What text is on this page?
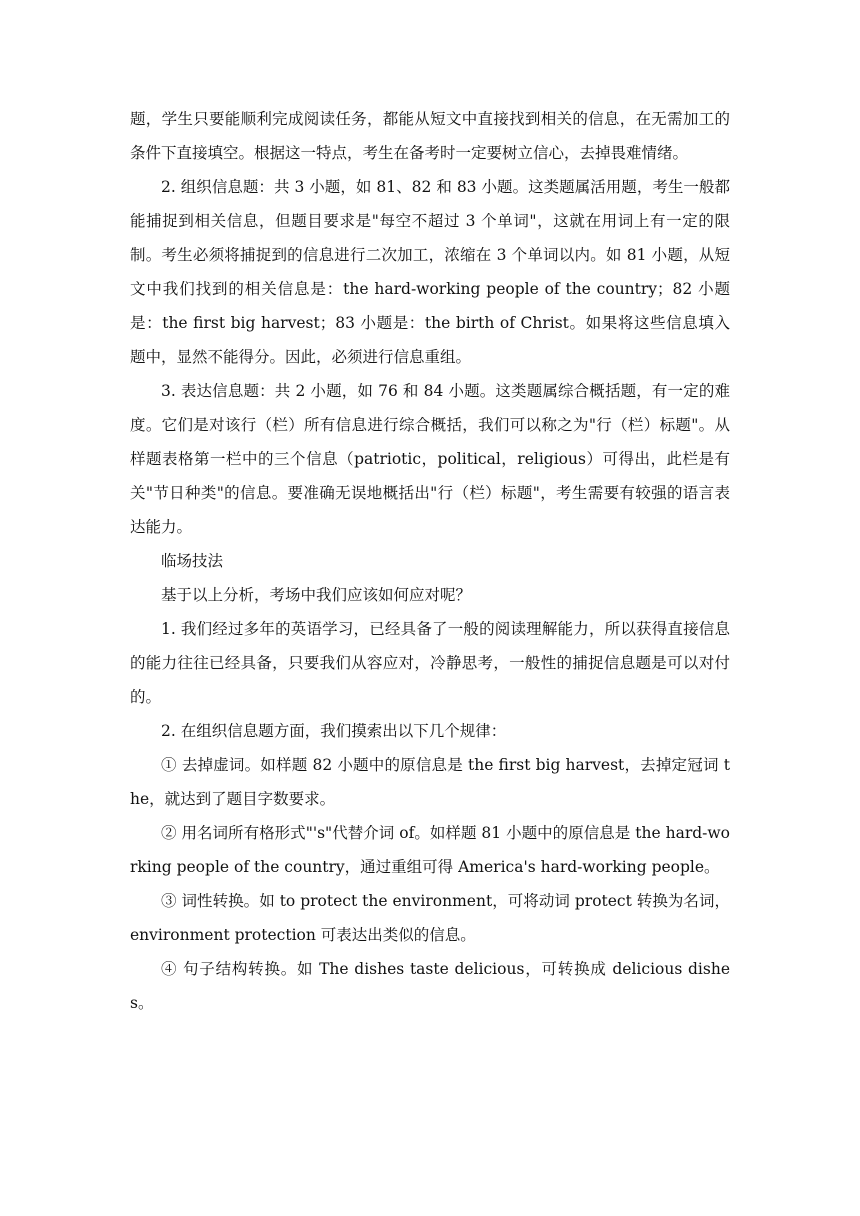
题，学生只要能顺利完成阅读任务，都能从短文中直接找到相关的信息，在无需加工的条件下直接填空。根据这一特点，考生在备考时一定要树立信心，去掉畏难情绪。

2. 组织信息题：共 3 小题，如 81、82 和 83 小题。这类题属活用题，考生一般都能捕捉到相关信息，但题目要求是"每空不超过 3 个单词"，这就在用词上有一定的限制。考生必须将捕捉到的信息进行二次加工，浓缩在 3 个单词以内。如 81 小题，从短文中我们找到的相关信息是：the hard-working people of the country；82 小题是：the first big harvest；83 小题是：the birth of Christ。如果将这些信息填入题中，显然不能得分。因此，必须进行信息重组。

3. 表达信息题：共 2 小题，如 76 和 84 小题。这类题属综合概括题，有一定的难度。它们是对该行（栏）所有信息进行综合概括，我们可以称之为"行（栏）标题"。从样题表格第一栏中的三个信息（patriotic，political，religious）可得出，此栏是有关"节日种类"的信息。要准确无误地概括出"行（栏）标题"，考生需要有较强的语言表达能力。

临场技法

基于以上分析，考场中我们应该如何应对呢？

1. 我们经过多年的英语学习，已经具备了一般的阅读理解能力，所以获得直接信息的能力往往已经具备，只要我们从容应对，冷静思考，一般性的捕捉信息题是可以对付的。

2. 在组织信息题方面，我们摸索出以下几个规律：

① 去掉虚词。如样题 82 小题中的原信息是 the first big harvest，去掉定冠词 the，就达到了题目字数要求。

② 用名词所有格形式"'s"代替介词 of。如样题 81 小题中的原信息是 the hard-working people of the country，通过重组可得 America's hard-working people。

③ 词性转换。如 to protect the environment，可将动词 protect 转换为名词，environment protection 可表达出类似的信息。

④ 句子结构转换。如 The dishes taste delicious，可转换成 delicious dishes。
